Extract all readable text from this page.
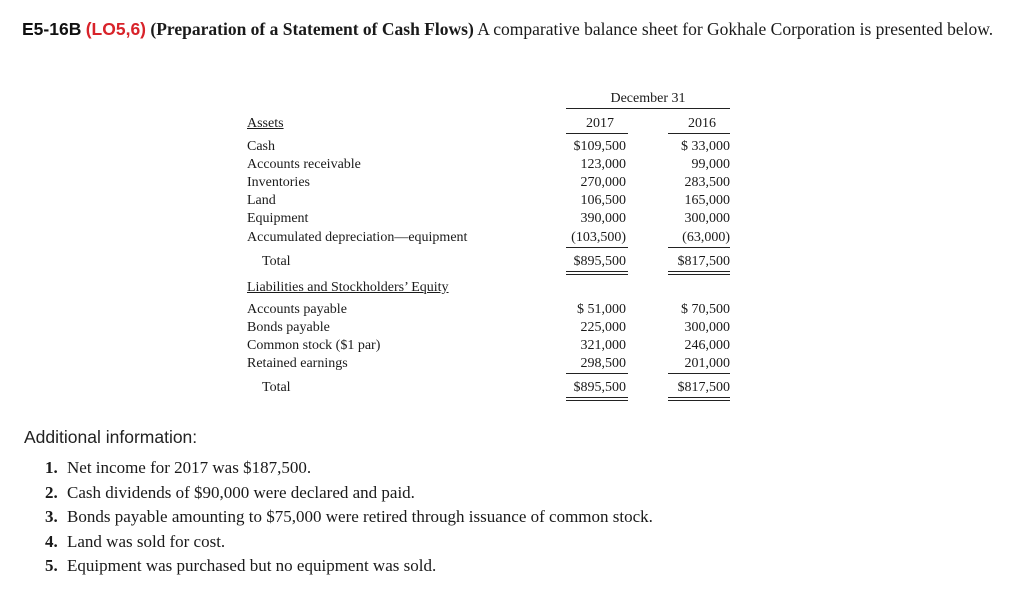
E5-16B (LO5,6) (Preparation of a Statement of Cash Flows) A comparative balance sheet for Gokhale Corporation is presented below.
December 31
2017	2016
Assets
Cash	$109,500	$ 33,000
Accounts receivable	123,000	99,000
Inventories	270,000	283,500
Land	106,500	165,000
Equipment	390,000	300,000
Accumulated depreciation—equipment	(103,500)	(63,000)
Total	$895,500	$817,500
Liabilities and Stockholders’ Equity
Accounts payable	$ 51,000	$ 70,500
Bonds payable	225,000	300,000
Common stock ($1 par)	321,000	246,000
Retained earnings	298,500	201,000
Total	$895,500	$817,500
Additional information:
1. Net income for 2017 was $187,500.
2. Cash dividends of $90,000 were declared and paid.
3. Bonds payable amounting to $75,000 were retired through issuance of common stock.
4. Land was sold for cost.
5. Equipment was purchased but no equipment was sold.
